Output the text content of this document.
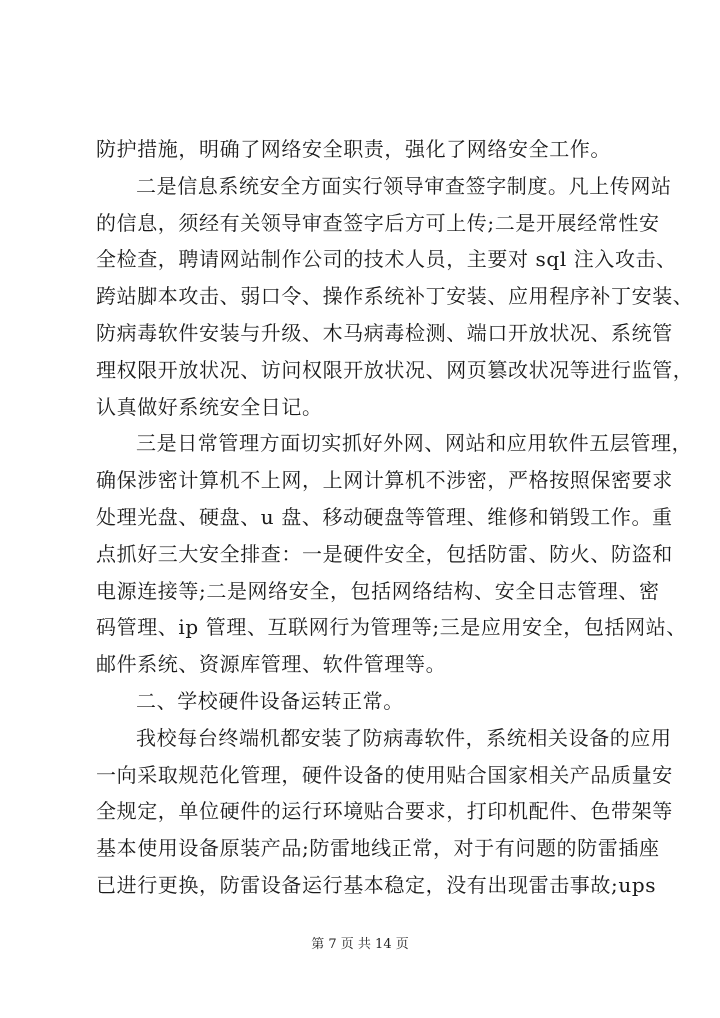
防护措施，明确了网络安全职责，强化了网络安全工作。
二是信息系统安全方面实行领导审查签字制度。凡上传网站
的信息，须经有关领导审查签字后方可上传;二是开展经常性安
全检查，聘请网站制作公司的技术人员，主要对 sql 注入攻击、
跨站脚本攻击、弱口令、操作系统补丁安装、应用程序补丁安装、
防病毒软件安装与升级、木马病毒检测、端口开放状况、系统管
理权限开放状况、访问权限开放状况、网页篡改状况等进行监管，
认真做好系统安全日记。
三是日常管理方面切实抓好外网、网站和应用软件五层管理，
确保涉密计算机不上网，上网计算机不涉密，严格按照保密要求
处理光盘、硬盘、u 盘、移动硬盘等管理、维修和销毁工作。重
点抓好三大安全排查：一是硬件安全，包括防雷、防火、防盗和
电源连接等;二是网络安全，包括网络结构、安全日志管理、密
码管理、ip 管理、互联网行为管理等;三是应用安全，包括网站、
邮件系统、资源库管理、软件管理等。
二、学校硬件设备运转正常。
我校每台终端机都安装了防病毒软件，系统相关设备的应用
一向采取规范化管理，硬件设备的使用贴合国家相关产品质量安
全规定，单位硬件的运行环境贴合要求，打印机配件、色带架等
基本使用设备原装产品;防雷地线正常，对于有问题的防雷插座
已进行更换，防雷设备运行基本稳定，没有出现雷击事故;ups
第 7 页 共 14 页
